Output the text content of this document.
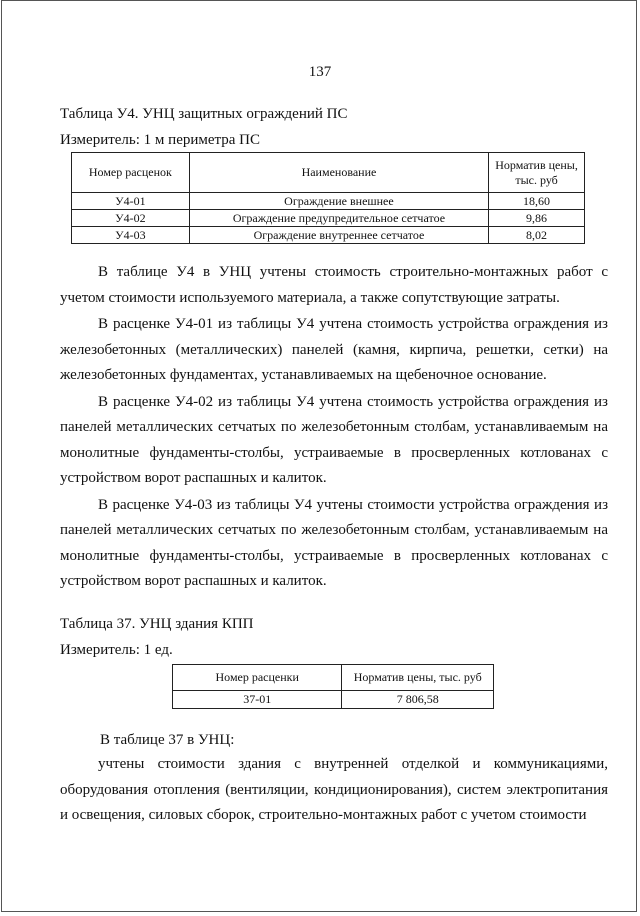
137
Таблица У4. УНЦ защитных ограждений ПС
Измеритель: 1 м периметра ПС
Номер расценок	Наименование	Норматив цены, тыс. руб
У4-01	Ограждение внешнее	18,60
У4-02	Ограждение предупредительное сетчатое	9,86
У4-03	Ограждение внутреннее сетчатое	8,02

В таблице У4 в УНЦ учтены стоимость строительно-монтажных работ с учетом стоимости используемого материала, а также сопутствующие затраты.

В расценке У4-01 из таблицы У4 учтена стоимость устройства ограждения из железобетонных (металлических) панелей (камня, кирпича, решетки, сетки) на железобетонных фундаментах, устанавливаемых на щебеночное основание.

В расценке У4-02 из таблицы У4 учтена стоимость устройства ограждения из панелей металлических сетчатых по железобетонным столбам, устанавливаемым на монолитные фундаменты-столбы, устраиваемые в просверленных котлованах с устройством ворот распашных и калиток.

В расценке У4-03 из таблицы У4 учтены стоимости устройства ограждения из панелей металлических сетчатых по железобетонным столбам, устанавливаемым на монолитные фундаменты-столбы, устраиваемые в просверленных котлованах с устройством ворот распашных и калиток.

Таблица 37. УНЦ здания КПП
Измеритель: 1 ед.
Номер расценки	Норматив цены, тыс. руб
37-01	7 806,58
В таблице 37 в УНЦ:

учтены стоимости здания с внутренней отделкой и коммуникациями, оборудования отопления (вентиляции, кондиционирования), систем электропитания и освещения, силовых сборок, строительно-монтажных работ с учетом стоимости
